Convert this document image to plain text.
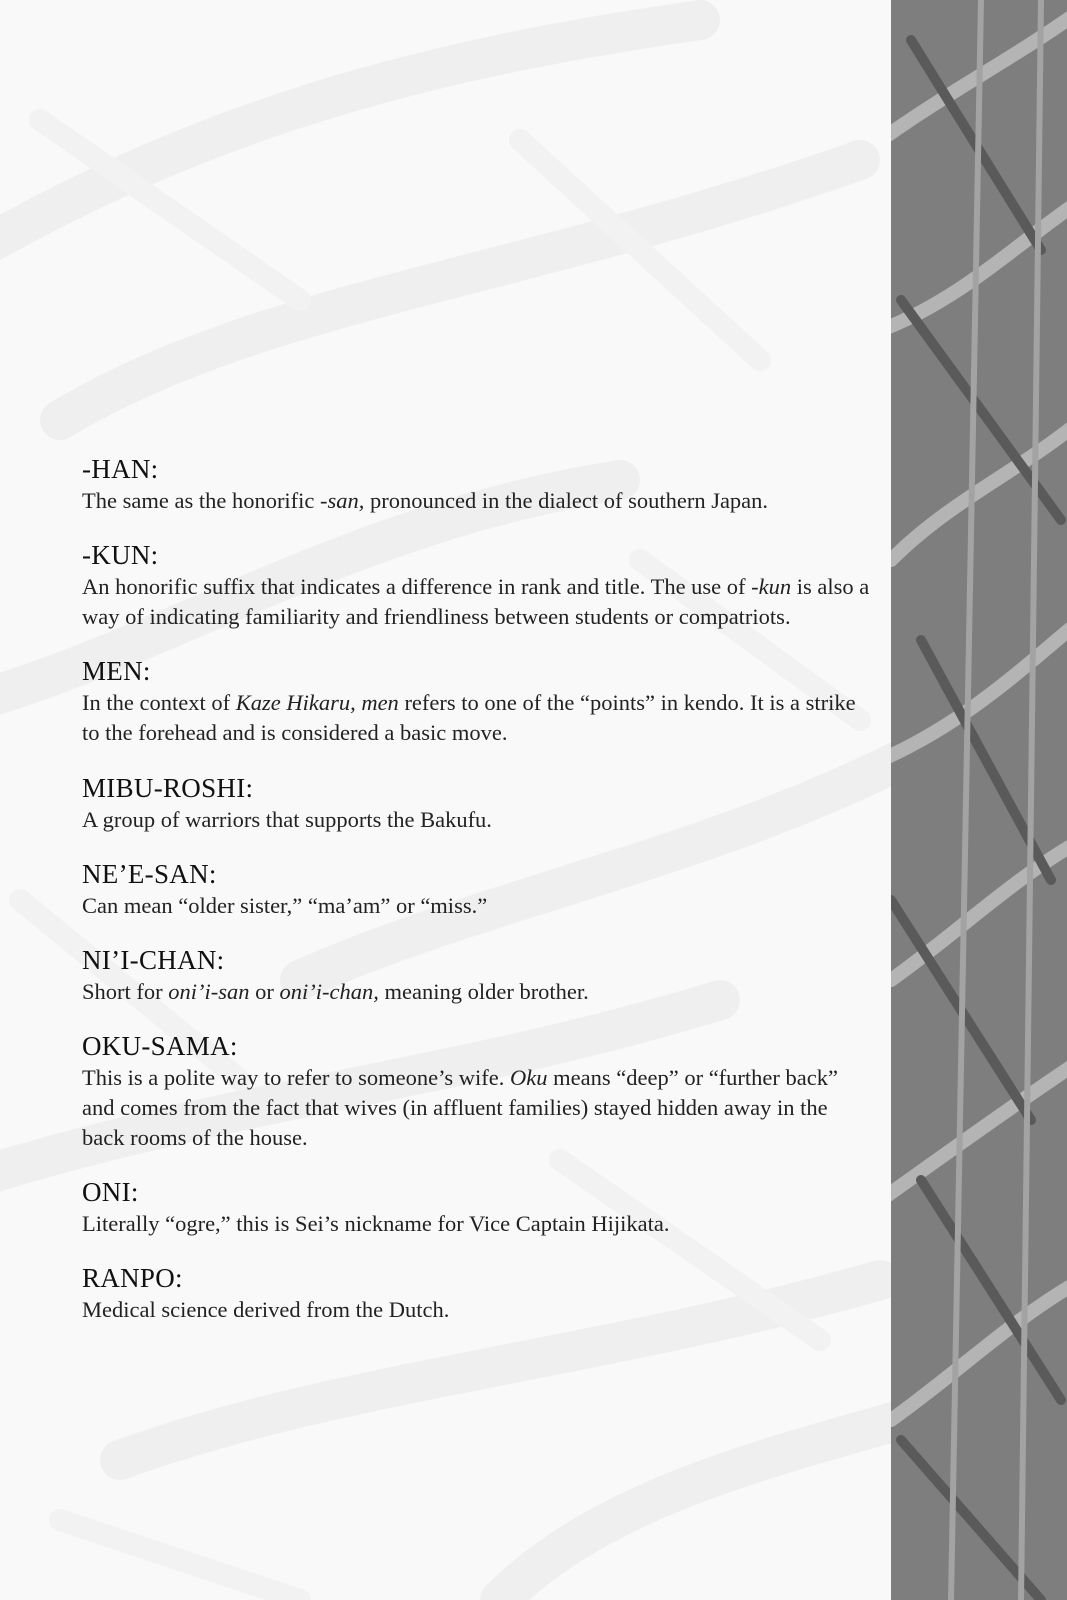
-HAN:

The same as the honorific -san, pronounced in the dialect of southern Japan.

-KUN:

An honorific suffix that indicates a difference in rank and title. The use of -kun is also a way of indicating familiarity and friendliness between students or compatriots.

MEN:

In the context of Kaze Hikaru, men refers to one of the “points” in kendo. It is a strike to the forehead and is considered a basic move.

MIBU-ROSHI:

A group of warriors that supports the Bakufu.

NE’E-SAN:

Can mean “older sister,” “ma’am” or “miss.”

NI’I-CHAN:

Short for oni’i-san or oni’i-chan, meaning older brother.

OKU-SAMA:

This is a polite way to refer to someone’s wife. Oku means “deep” or “further back” and comes from the fact that wives (in affluent families) stayed hidden away in the back rooms of the house.

ONI:

Literally “ogre,” this is Sei’s nickname for Vice Captain Hijikata.

RANPO:

Medical science derived from the Dutch.
